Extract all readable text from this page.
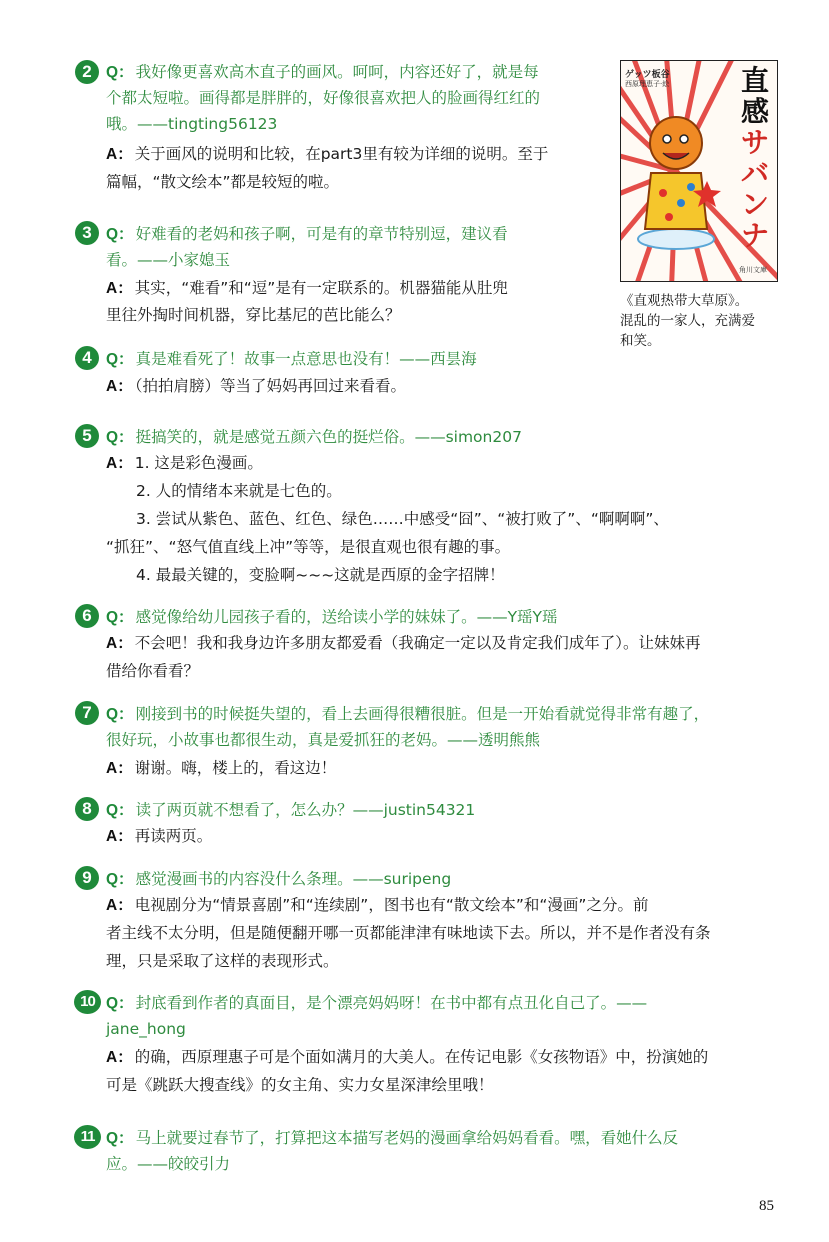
ゲッツ板谷
西原理恵子·絵	直
感
サ
バ
ン
ナ
角川文庫
《直观热带大草原》。
混乱的一家人，充满爱
和笑。
2 Q： 我好像更喜欢高木直子的画风。呵呵，内容还好了，就是每
个都太短啦。画得都是胖胖的，好像很喜欢把人的脸画得红红的
哦。——tingting56123
A： 关于画风的说明和比较，在part3里有较为详细的说明。至于
篇幅，“散文绘本”都是较短的啦。
3 Q： 好难看的老妈和孩子啊，可是有的章节特别逗，建议看
看。——小家媳玉
A： 其实，“难看”和“逗”是有一定联系的。机器猫能从肚兜
里往外掏时间机器，穿比基尼的芭比能么？
4 Q： 真是难看死了！故事一点意思也没有！——西昙海
A： （拍拍肩膀）等当了妈妈再回过来看看。
5 Q： 挺搞笑的，就是感觉五颜六色的挺烂俗。——simon207
A： 1. 这是彩色漫画。
2. 人的情绪本来就是七色的。
3. 尝试从紫色、蓝色、红色、绿色……中感受“囧”、“被打败了”、“啊啊啊”、
“抓狂”、“怒气值直线上冲”等等，是很直观也很有趣的事。
4. 最最关键的，变脸啊~~~这就是西原的金字招牌！
6 Q： 感觉像给幼儿园孩子看的，送给读小学的妹妹了。——Y瑶Y瑶
A： 不会吧！我和我身边许多朋友都爱看（我确定一定以及肯定我们成年了）。让妹妹再
借给你看看？
7 Q： 刚接到书的时候挺失望的，看上去画得很糟很脏。但是一开始看就觉得非常有趣了，
很好玩，小故事也都很生动，真是爱抓狂的老妈。——透明熊熊
A： 谢谢。嗨，楼上的，看这边！
8 Q： 读了两页就不想看了，怎么办？——justin54321
A： 再读两页。
9 Q： 感觉漫画书的内容没什么条理。——suripeng
A： 电视剧分为“情景喜剧”和“连续剧”，图书也有“散文绘本”和“漫画”之分。前
者主线不太分明，但是随便翻开哪一页都能津津有味地读下去。所以，并不是作者没有条
理，只是采取了这样的表现形式。
10 Q： 封底看到作者的真面目，是个漂亮妈妈呀！在书中都有点丑化自己了。——
jane_hong
A： 的确，西原理惠子可是个面如满月的大美人。在传记电影《女孩物语》中，扮演她的
可是《跳跃大搜查线》的女主角、实力女星深津绘里哦！
11 Q： 马上就要过春节了，打算把这本描写老妈的漫画拿给妈妈看看。嘿，看她什么反
应。——皎皎引力
85
